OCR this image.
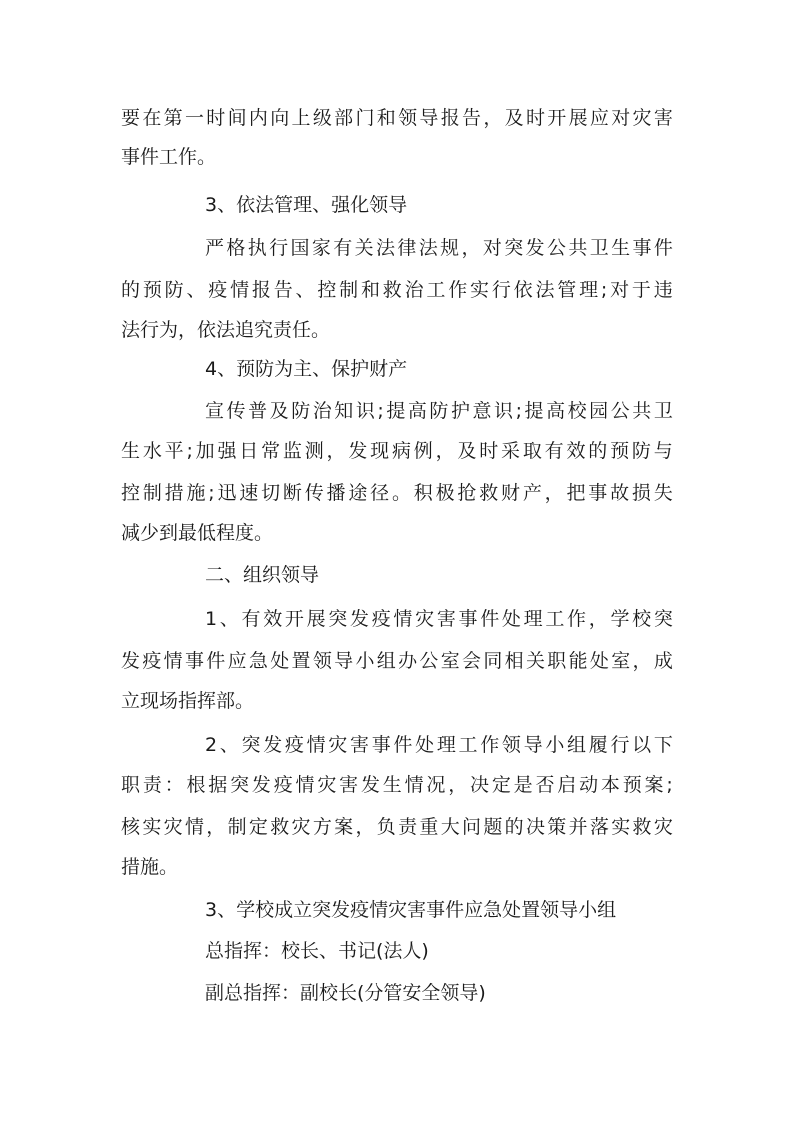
要 在 第 一 时 间 内 向 上 级 部 门 和 领 导 报 告 ， 及 时 开 展 应 对 灾 害
事件工作。
3、依法管理、强化领导
严 格 执 行 国 家 有 关 法 律 法 规 ， 对 突 发 公 共 卫 生 事 件
的 预 防 、 疫 情 报 告 、 控 制 和 救 治 工 作 实 行 依 法 管 理 ; 对 于 违
法行为，依法追究责任。
4、预防为主、保护财产
宣 传 普 及 防 治 知 识 ; 提 高 防 护 意 识 ; 提 高 校 园 公 共 卫
生 水 平 ; 加 强 日 常 监 测 ， 发 现 病 例 ， 及 时 采 取 有 效 的 预 防 与
控 制 措 施 ; 迅 速 切 断 传 播 途 径 。 积 极 抢 救 财 产 ， 把 事 故 损 失
减少到最低程度。
二、组织领导
1 、 有 效 开 展 突 发 疫 情 灾 害 事 件 处 理 工 作 ， 学 校 突
发 疫 情 事 件 应 急 处 置 领 导 小 组 办 公 室 会 同 相 关 职 能 处 室 ， 成
立现场指挥部。
2 、 突 发 疫 情 灾 害 事 件 处 理 工 作 领 导 小 组 履 行 以 下
职 责 ： 根 据 突 发 疫 情 灾 害 发 生 情 况 ， 决 定 是 否 启 动 本 预 案 ;
核 实 灾 情 ， 制 定 救 灾 方 案 ， 负 责 重 大 问 题 的 决 策 并 落 实 救 灾
措施。
3、学校成立突发疫情灾害事件应急处置领导小组
总指挥：校长、书记(法人)
副总指挥：副校长(分管安全领导)
